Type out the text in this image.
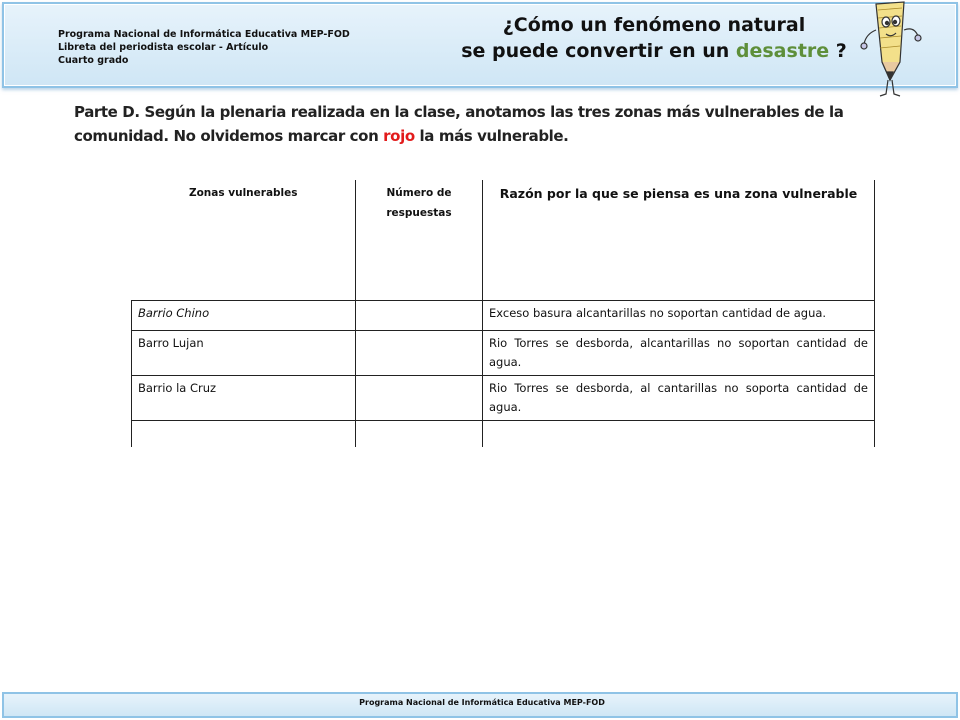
Programa Nacional de Informática Educativa MEP-FOD
Libreta del periodista escolar - Artículo
Cuarto grado
¿Cómo un fenómeno natural
se puede convertir en un desastre ?
Parte D. Según la plenaria realizada en la clase, anotamos las tres zonas más vulnerables de la comunidad. No olvidemos marcar con rojo la más vulnerable.
Zonas vulnerables	Número de respuestas	Razón por la que se piensa es una zona vulnerable
Barrio Chino		Exceso basura alcantarillas no soportan cantidad de agua.
Barro Lujan		Rio Torres se desborda, alcantarillas no soportan cantidad de agua.
Barrio la Cruz		Rio Torres se desborda, al cantarillas no soporta cantidad de agua.

Programa Nacional de Informática Educativa MEP-FOD
